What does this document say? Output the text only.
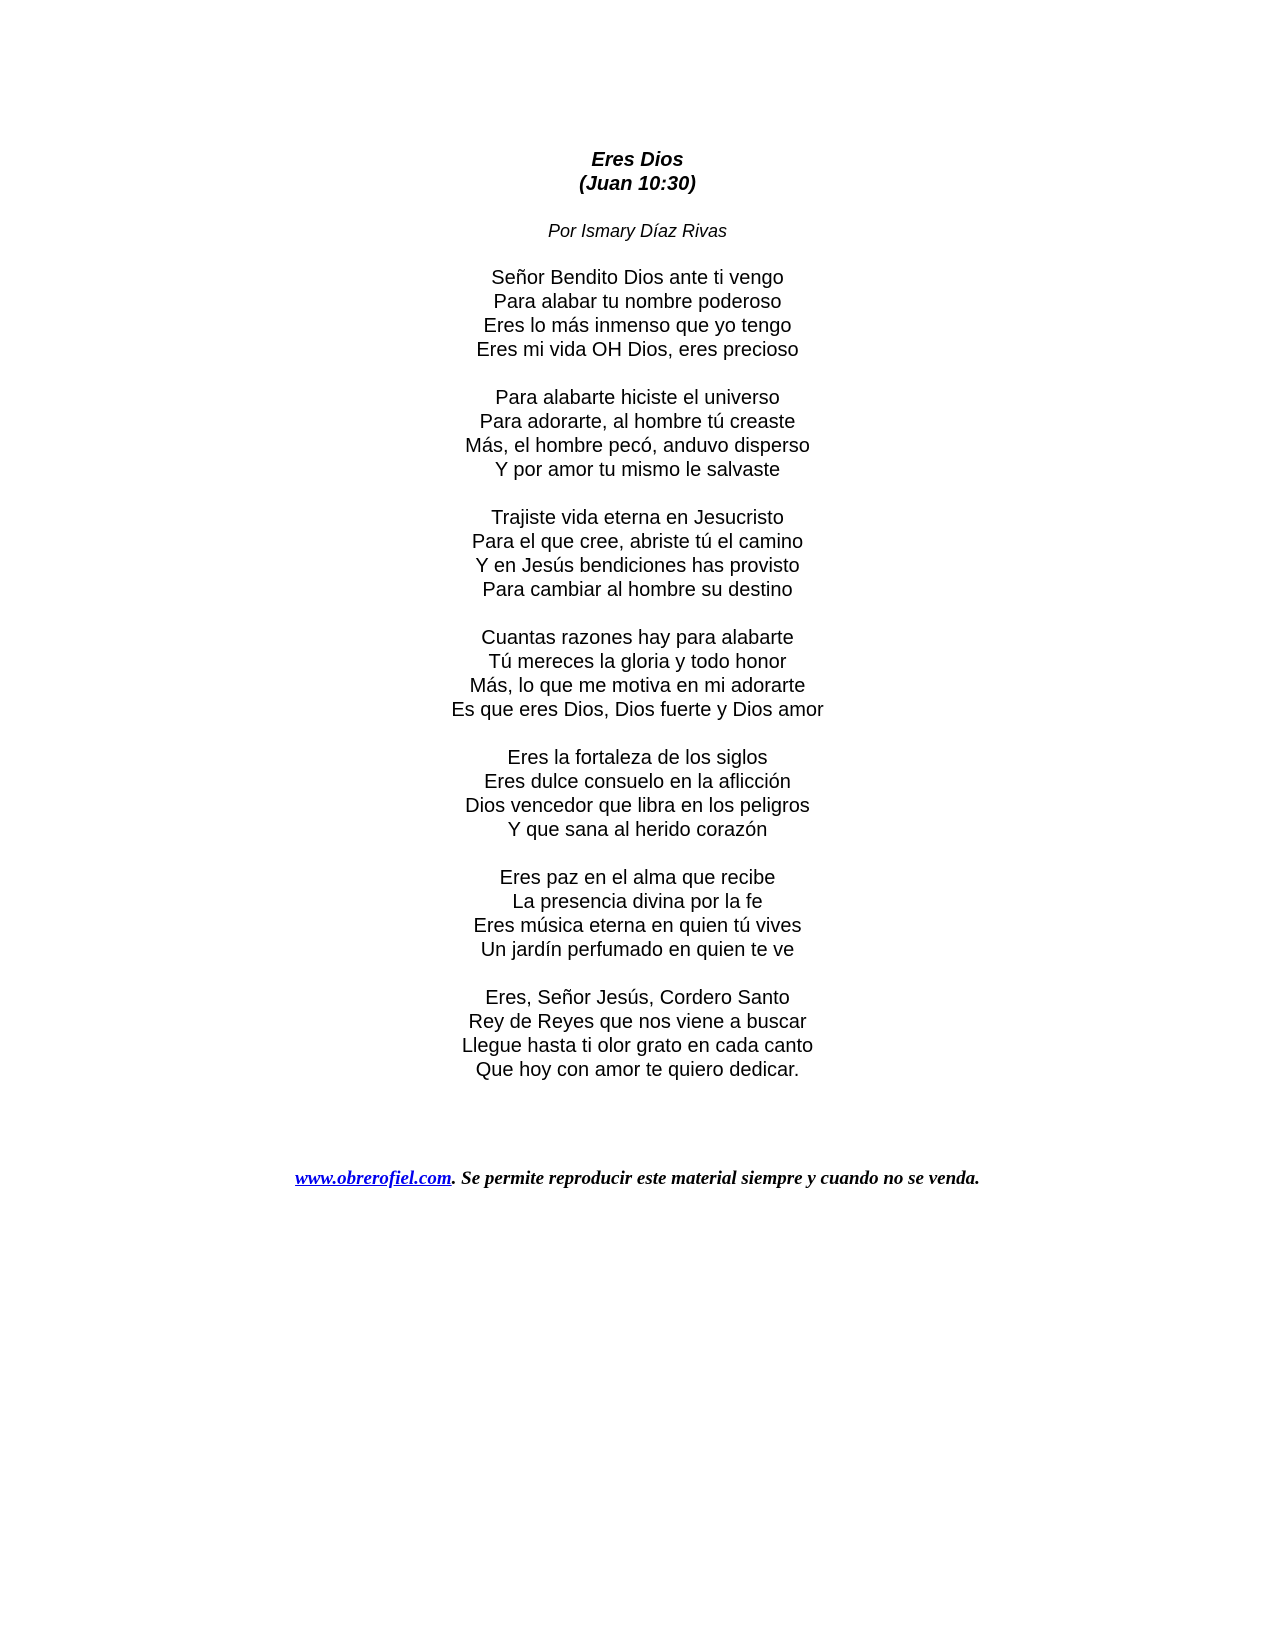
Eres Dios
(Juan 10:30)
Por Ismary Díaz Rivas
Señor Bendito Dios ante ti vengo
Para alabar tu nombre poderoso
Eres lo más inmenso que yo tengo
Eres mi vida OH Dios, eres precioso
Para alabarte hiciste el universo
Para adorarte, al hombre tú creaste
Más, el hombre pecó, anduvo disperso
Y por amor tu mismo le salvaste
Trajiste vida eterna en Jesucristo
Para el que cree, abriste tú el camino
Y en Jesús bendiciones has provisto
Para cambiar al hombre su destino
Cuantas razones hay para alabarte
Tú mereces la gloria y todo honor
Más, lo que me motiva en mi adorarte
Es que eres Dios, Dios fuerte y Dios amor
Eres la fortaleza de los siglos
Eres dulce consuelo en la aflicción
Dios vencedor que libra en los peligros
Y que sana al herido corazón
Eres paz en el alma que recibe
La presencia divina por la fe
Eres música eterna en quien tú vives
Un jardín perfumado en quien te ve
Eres, Señor Jesús, Cordero Santo
Rey de Reyes que nos viene a buscar
Llegue hasta ti olor grato en cada canto
Que hoy con amor te quiero dedicar.
www.obrerofiel.com. Se permite reproducir este material siempre y cuando no se venda.
